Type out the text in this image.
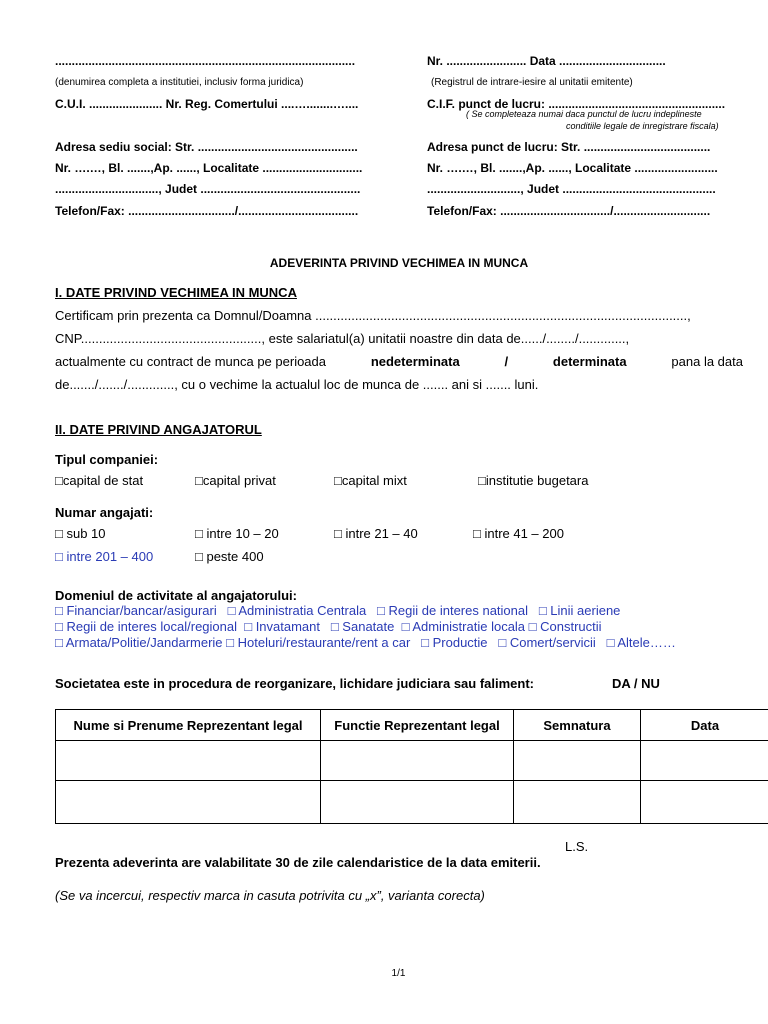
..........................................................................................
(denumirea completa a institutiei, inclusiv forma juridica)
C.U.I. ...................... Nr. Reg. Comertului ....…........…....
Adresa sediu social: Str. ................................................
Nr. ….…, Bl. .......,Ap. ......, Localitate ..............................
..............................., Judet ................................................
Telefon/Fax: ................................/....................................
Nr. ........................ Data ................................
(Registrul de intrare-iesire al unitatii emitente)
C.I.F. punct de lucru: .....................................................
( Se completeaza numai daca punctul de lucru indeplineste
conditiile legale de inregistrare fiscala)
Adresa punct de lucru: Str. ......................................
Nr. ….…, Bl. .......,Ap. ......, Localitate .........................
............................, Judet ..............................................
Telefon/Fax: ................................./.............................
ADEVERINTA PRIVIND VECHIMEA IN MUNCA
I. DATE PRIVIND VECHIMEA IN MUNCA
Certificam prin prezenta ca Domnul/Doamna .......................................................................................................,
CNP.................................................., este salariatul(a) unitatii noastre din data de....../......../.............,
actualmente cu contract de munca pe perioada	nedeterminata	/	determinata	pana la data
de......./......./............., cu o vechime la actualul loc de munca de ....... ani si ....... luni.
II. DATE PRIVIND ANGAJATORUL
Tipul companiei:
□capital de stat	□capital privat	□capital mixt	□institutie bugetara
Numar angajati:
□ sub 10	□ intre 10 – 20	□ intre 21 – 40	□ intre 41 – 200
□ intre 201 – 400	□ peste 400
Domeniul de activitate al angajatorului:
□ Financiar/bancar/asigurari   □ Administratia Centrala   □ Regii de interes national   □ Linii aeriene
□ Regii de interes local/regional  □ Invatamant   □ Sanatate  □ Administratie locala □ Constructii
□ Armata/Politie/Jandarmerie □ Hoteluri/restaurante/rent a car   □ Productie   □ Comert/servicii   □ Altele……
Societatea este in procedura de reorganizare, lichidare judiciara sau faliment:	DA / NU
Nume si Prenume Reprezentant legal	Functie Reprezentant legal	Semnatura	Data

L.S.
Prezenta adeverinta are valabilitate 30 de zile calendaristice de la data emiterii.
(Se va incercui, respectiv marca in casuta potrivita cu „x”, varianta corecta)
1/1
